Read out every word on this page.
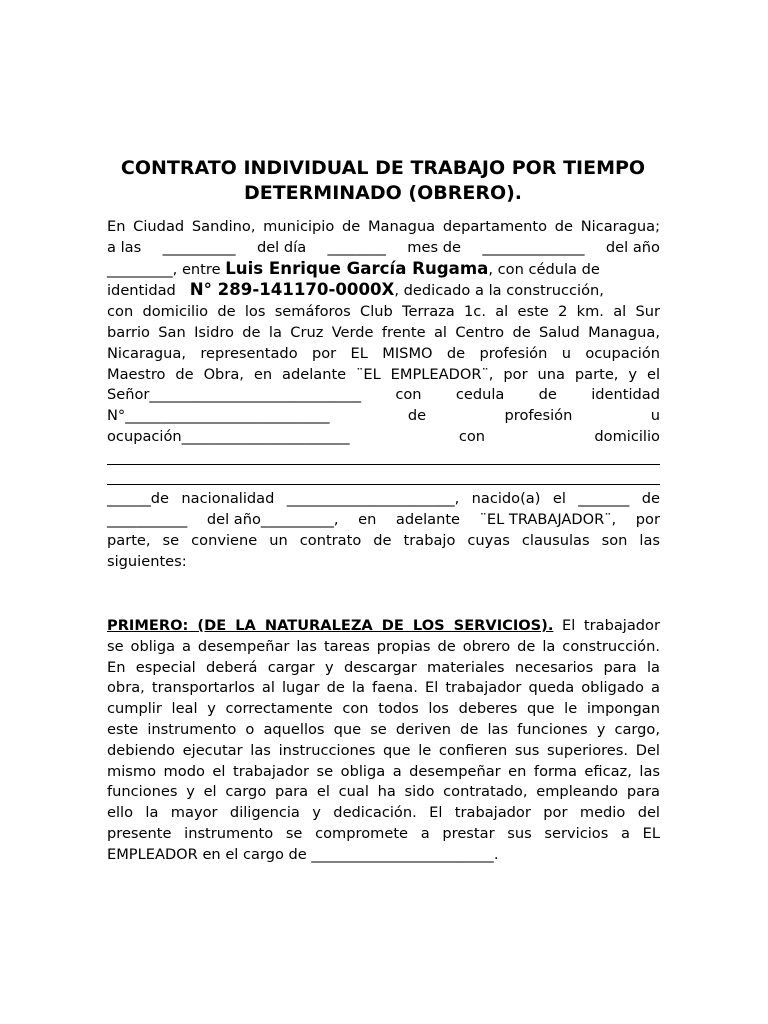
CONTRATO INDIVIDUAL DE TRABAJO POR TIEMPO
DETERMINADO (OBRERO).
En Ciudad Sandino, municipio de Managua departamento de Nicaragua;
a las __________ del día ________ mes de ______________ del año
_________, entre Luis Enrique García Rugama, con cédula de
identidad   N° 289-141170-0000X, dedicado a la construcción,
con domicilio de los semáforos Club Terraza 1c. al este 2 km. al Sur
barrio San Isidro de la Cruz Verde frente al Centro de Salud Managua,
Nicaragua, representado por EL MISMO de profesión u ocupación
Maestro de Obra, en adelante ¨EL EMPLEADOR¨, por una parte, y el
Señor_____________________________ con cedula de identidad
N°____________________________	de	profesión	u
ocupación_______________________	con	domicilio
______de nacionalidad _______________________, nacido(a) el _______ de
___________ del año__________, en adelante ¨EL TRABAJADOR¨, por
parte, se conviene un contrato de trabajo cuyas clausulas son las
siguientes:
PRIMERO: (DE LA NATURALEZA DE LOS SERVICIOS). El trabajador
se obliga a desempeñar las tareas propias de obrero de la construcción.
En especial deberá cargar y descargar materiales necesarios para la
obra, transportarlos al lugar de la faena. El trabajador queda obligado a
cumplir leal y correctamente con todos los deberes que le impongan
este instrumento o aquellos que se deriven de las funciones y cargo,
debiendo ejecutar las instrucciones que le confieren sus superiores. Del
mismo modo el trabajador se obliga a desempeñar en forma eficaz, las
funciones y el cargo para el cual ha sido contratado, empleando para
ello la mayor diligencia y dedicación. El trabajador por medio del
presente instrumento se compromete a prestar sus servicios a EL
EMPLEADOR en el cargo de _________________________.
